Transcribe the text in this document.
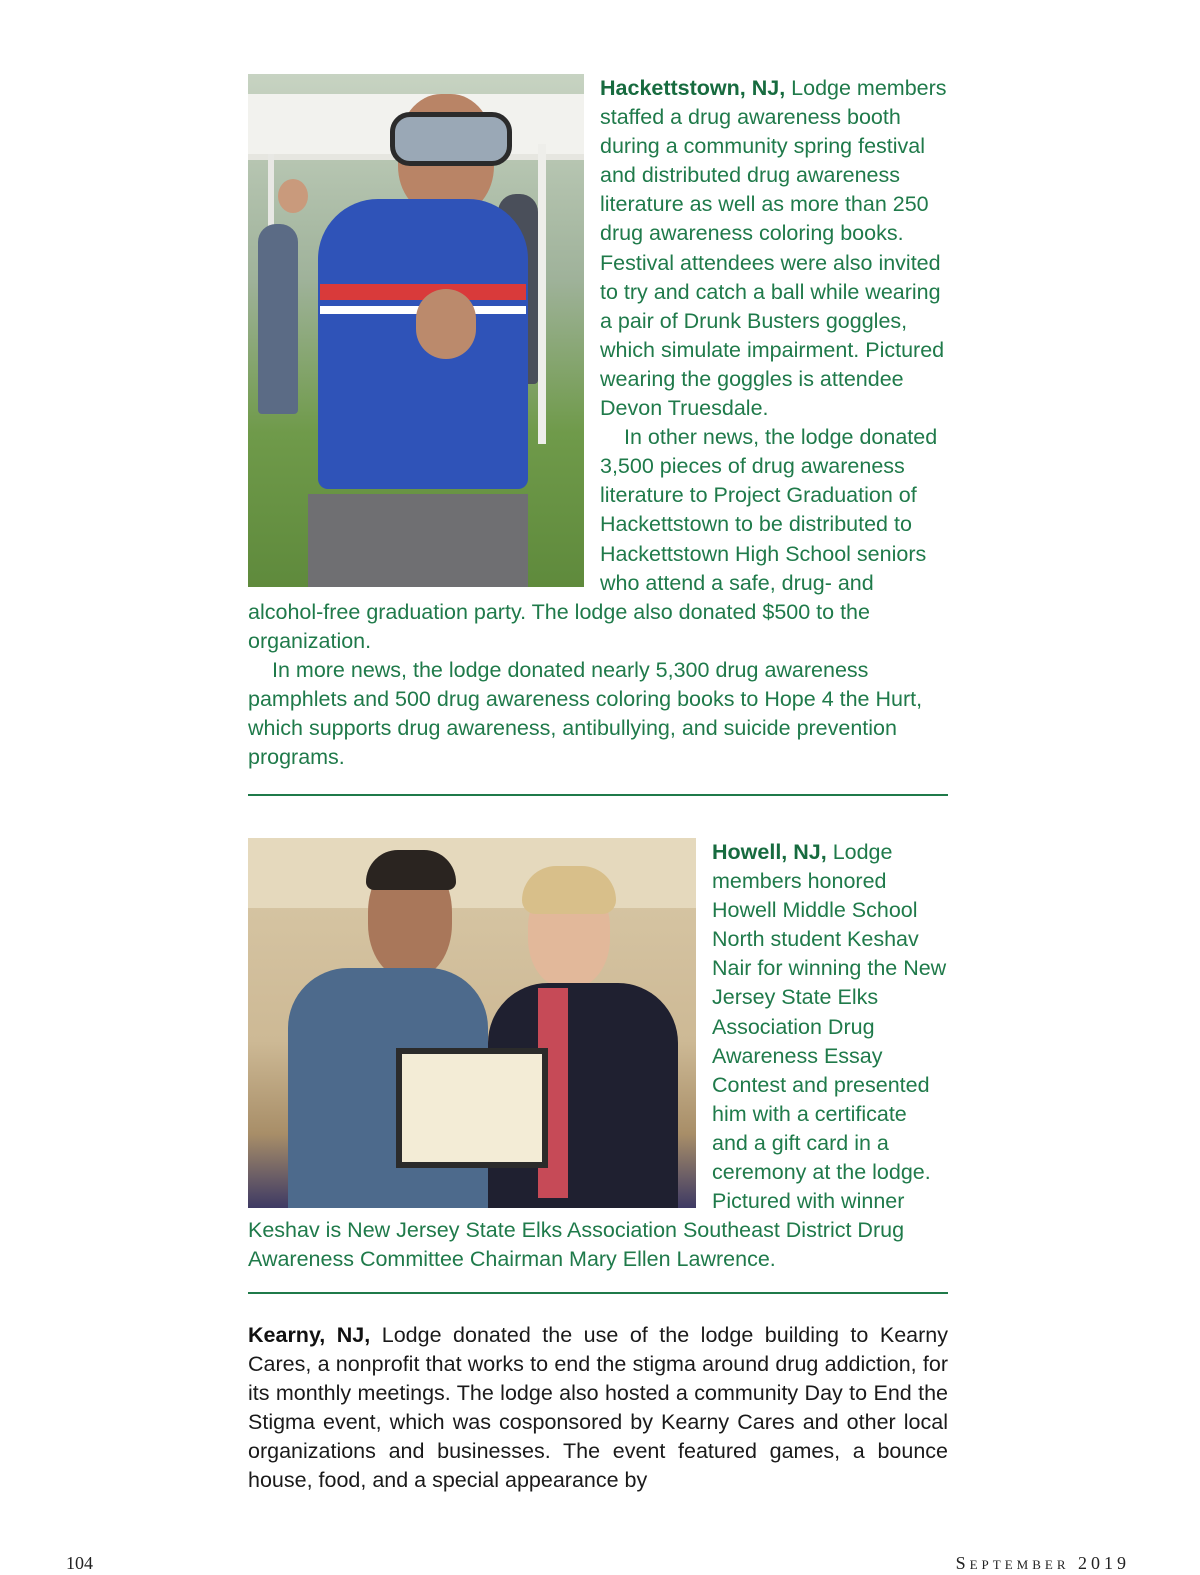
Hackettstown, NJ, Lodge members staffed a drug awareness booth during a community spring festival and distributed drug awareness literature as well as more than 250 drug awareness coloring books. Festival attendees were also invited to try and catch a ball while wearing a pair of Drunk Busters goggles, which simulate impairment. Pictured wearing the goggles is attendee Devon Truesdale.

In other news, the lodge donated 3,500 pieces of drug awareness literature to Project Graduation of Hackettstown to be distributed to Hackettstown High School seniors who attend a safe, drug- and alcohol-free graduation party. The lodge also donated $500 to the organization.

In more news, the lodge donated nearly 5,300 drug awareness pamphlets and 500 drug awareness coloring books to Hope 4 the Hurt, which supports drug awareness, antibullying, and suicide prevention programs.

Howell, NJ, Lodge members honored Howell Middle School North student Keshav Nair for winning the New Jersey State Elks Association Drug Awareness Essay Contest and presented him with a certificate and a gift card in a ceremony at the lodge. Pictured with winner Keshav is New Jersey State Elks Association Southeast District Drug Awareness Committee Chairman Mary Ellen Lawrence.

Kearny, NJ, Lodge donated the use of the lodge building to Kearny Cares, a nonprofit that works to end the stigma around drug addiction, for its monthly meetings. The lodge also hosted a community Day to End the Stigma event, which was cosponsored by Kearny Cares and other local organizations and businesses. The event featured games, a bounce house, food, and a special appearance by

104	September 2019
